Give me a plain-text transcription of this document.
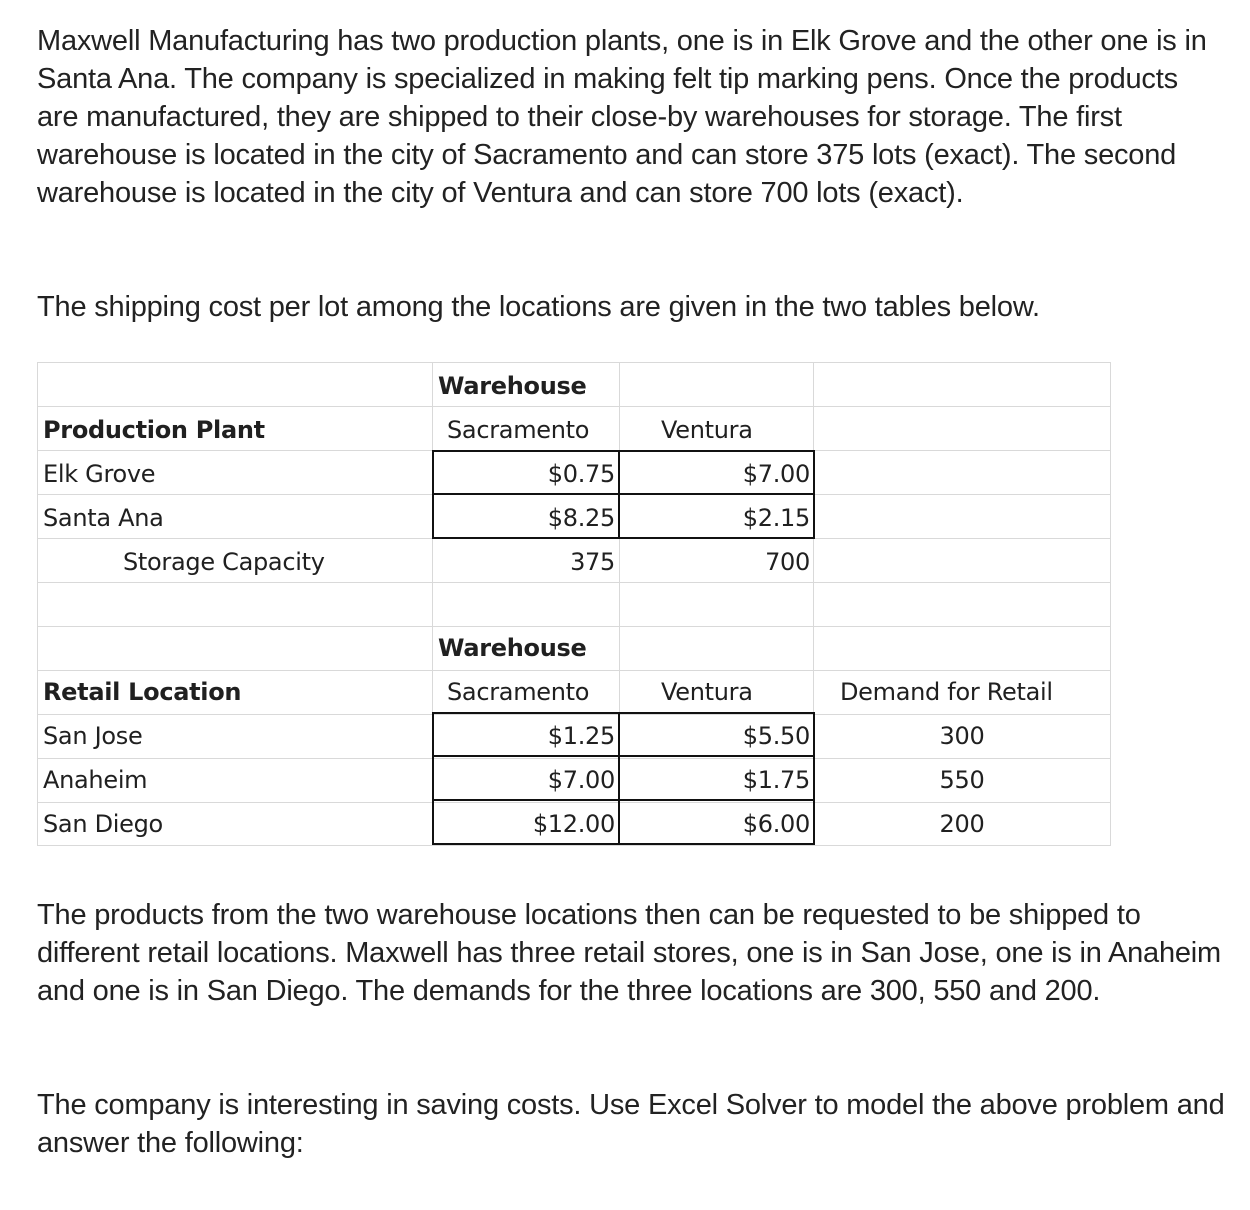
Maxwell Manufacturing has two production plants, one is in Elk Grove and the other one is in Santa Ana. The company is specialized in making felt tip marking pens. Once the products are manufactured, they are shipped to their close-by warehouses for storage. The first warehouse is located in the city of Sacramento and can store 375 lots (exact). The second warehouse is located in the city of Ventura and can store 700 lots (exact).

The shipping cost per lot among the locations are given in the two tables below.

Warehouse
Production Plant	Sacramento	Ventura
Elk Grove	$0.75	$7.00
Santa Ana	$8.25	$2.15
Storage Capacity	375	700
Warehouse
Retail Location	Sacramento	Ventura	Demand for Retail
San Jose	$1.25	$5.50	300
Anaheim	$7.00	$1.75	550
San Diego	$12.00	$6.00	200

The products from the two warehouse locations then can be requested to be shipped to different retail locations. Maxwell has three retail stores, one is in San Jose, one is in Anaheim and one is in San Diego. The demands for the three locations are 300, 550 and 200.

The company is interesting in saving costs. Use Excel Solver to model the above problem and answer the following:
